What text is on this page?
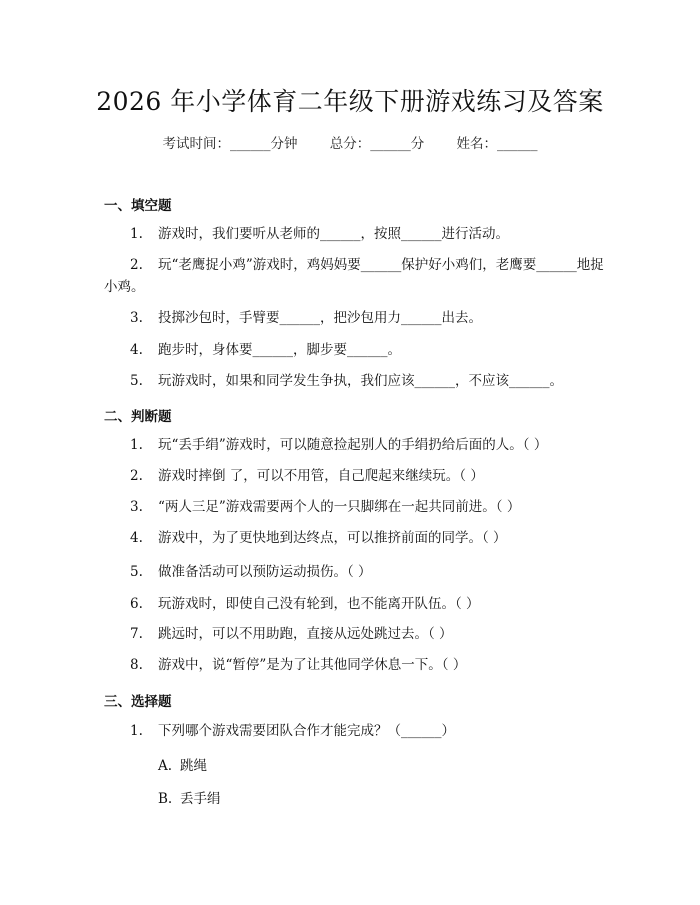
2026 年小学体育二年级下册游戏练习及答案
考试时间：______分钟 总分：______分 姓名：______
一、填空题
1. 游戏时，我们要听从老师的______，按照______进行活动。
2. 玩“老鹰捉小鸡”游戏时，鸡妈妈要______保护好小鸡们，老鹰要______地捉小鸡。
3. 投掷沙包时，手臂要______，把沙包用力______出去。
4. 跑步时，身体要______，脚步要______。
5. 玩游戏时，如果和同学发生争执，我们应该______，不应该______。
二、判断题
1. 玩“丢手绢”游戏时，可以随意捡起别人的手绢扔给后面的人。（ ）
2. 游戏时摔倒 了，可以不用管，自己爬起来继续玩。（ ）
3. “两人三足”游戏需要两个人的一只脚绑在一起共同前进。（ ）
4. 游戏中，为了更快地到达终点，可以推挤前面的同学。（ ）
5. 做准备活动可以预防运动损伤。（ ）
6. 玩游戏时，即使自己没有轮到，也不能离开队伍。（ ）
7. 跳远时，可以不用助跑，直接从远处跳过去。（ ）
8. 游戏中，说“暂停”是为了让其他同学休息一下。（ ）
三、选择题
1. 下列哪个游戏需要团队合作才能完成？（______）
A. 跳绳
B. 丢手绢
